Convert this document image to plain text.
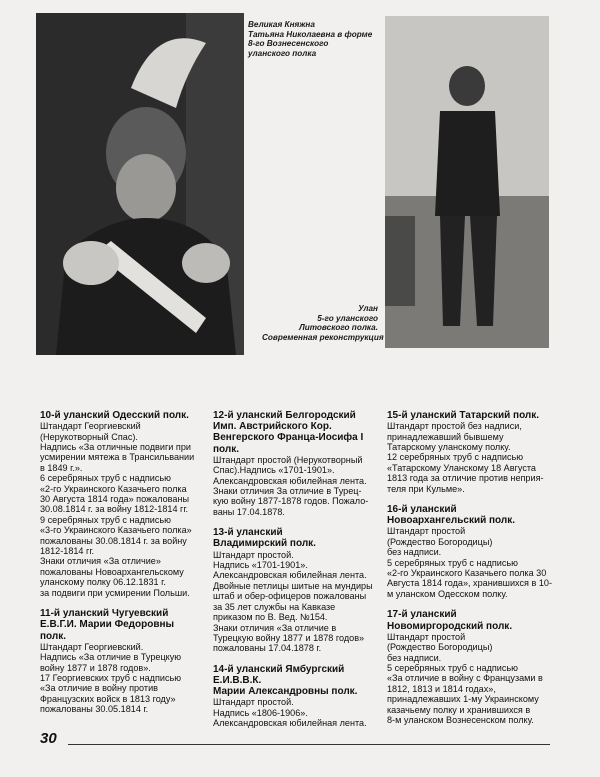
Великая Княжна
Татьяна Николаевна в форме
8-го Вознесенского
уланского полка
Улан
5-го уланского
Литовского полка.
Современная реконструкция
10-й уланский Одесский полк.
Штандарт Георгиевский
(Нерукотворный Спас).
Надпись «За отличные подвиги при
усмирении мятежа в Трансильвании
в 1849 г.».
6 серебряных труб с надписью
«2-го Украинского Казачьего полка
30 Августа 1814 года» пожалованы
30.08.1814 г. за войну 1812-1814 гг.
9 серебряных труб с надписью
«3-го Украинского Казачьего полка»
пожалованы 30.08.1814 г. за войну
1812-1814 гг.
Знаки отличия «За отличие»
пожалованы Новоархангельскому
уланскому полку 06.12.1831 г.
за подвиги при усмирении Польши.
11-й уланский Чугуевский
Е.В.Г.И. Марии Федоровны
полк.
Штандарт Георгиевский.
Надпись «За отличие в Турецкую
войну 1877 и 1878 годов».
17 Георгиевских труб с надписью
«За отличие в войну против
Французских войск в 1813 году»
пожалованы 30.05.1814 г.
12-й уланский Белгородский
Имп. Австрийского Кор.
Венгерского Франца-Иосифа I
полк.
Штандарт простой (Нерукотворный
Спас).Надпись «1701-1901».
Александровская юбилейная лента.
Знаки отличия За отличие в Турец-
кую войну 1877-1878 годов. Пожало-
ваны 17.04.1878.
13-й уланский
Владимирский полк.
Штандарт простой.
Надпись «1701-1901».
Александровская юбилейная лента.
Двойные петлицы шитые на мундиры
штаб и обер-офицеров пожалованы
за 35 лет службы на Кавказе
приказом по В. Вед. №154.
Знаки отличия «За отличие в
Турецкую войну 1877 и 1878 годов»
пожалованы 17.04.1878 г.
14-й уланский Ямбургский
Е.И.В.В.К.
Марии Александровны полк.
Штандарт простой.
Надпись «1806-1906».
Александровская юбилейная лента.
15-й уланский Татарский полк.
Штандарт простой без надписи,
принадлежавший бывшему
Татарскому уланскому полку.
12 серебряных труб с надписью
«Татарскому Уланскому 18 Августа
1813 года за отличие против неприя-
теля при Кульме».
16-й уланский
Новоархангельский полк.
Штандарт простой
(Рождество Богородицы)
без надписи.
5 серебряных труб с надписью
«2-го Украинского Казачьего полка 30
Августа 1814 года», хранившихся в 10-
м уланском Одесском полку.
17-й уланский
Новомиргородский полк.
Штандарт простой
(Рождество Богородицы)
без надписи.
5 серебряных труб с надписью
«За отличие в войну с Французами в
1812, 1813 и 1814 годах»,
принадлежавших 1-му Украинскому
казачьему полку и хранившихся в
8-м уланском Вознесенском полку.
30
